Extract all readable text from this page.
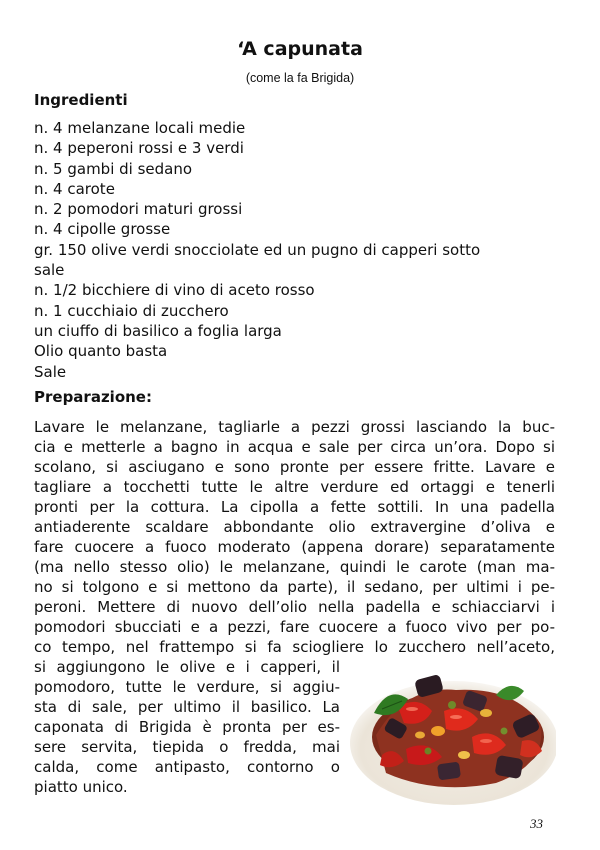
‘A capunata
(come la fa Brigida)
Ingredienti
n. 4 melanzane locali medie
n. 4 peperoni rossi e 3 verdi
n. 5 gambi di sedano
n. 4 carote
n. 2 pomodori maturi grossi
n. 4 cipolle grosse
gr. 150 olive verdi snocciolate ed un pugno di capperi sotto
sale
n. 1/2 bicchiere di vino di aceto rosso
n. 1 cucchiaio di zucchero
un ciuffo di basilico a foglia larga
Olio quanto basta
Sale
Preparazione:
Lavare le melanzane, tagliarle a pezzi grossi lasciando la buc-
cia e metterle a bagno in acqua e sale per circa un’ora. Dopo si
scolano, si asciugano e sono pronte per essere fritte. Lavare e
tagliare a tocchetti tutte le altre verdure ed ortaggi e tenerli
pronti per la cottura. La cipolla a fette sottili. In una padella
antiaderente scaldare abbondante olio extravergine d’oliva e
fare cuocere a fuoco moderato (appena dorare) separatamente
(ma nello stesso olio) le melanzane, quindi le carote (man ma-
no si tolgono e si mettono da parte), il sedano, per ultimi i pe-
peroni. Mettere di nuovo dell’olio nella padella e schiacciarvi i
pomodori sbucciati e a pezzi, fare cuocere a fuoco vivo per po-
co tempo, nel frattempo si fa sciogliere lo zucchero nell’aceto,
si aggiungono le olive e i capperi, il
pomodoro, tutte le verdure, si aggiu-
sta di sale, per ultimo il basilico. La
caponata di Brigida è pronta per es-
sere servita, tiepida o fredda, mai
calda, come antipasto, contorno o
piatto unico.
33
